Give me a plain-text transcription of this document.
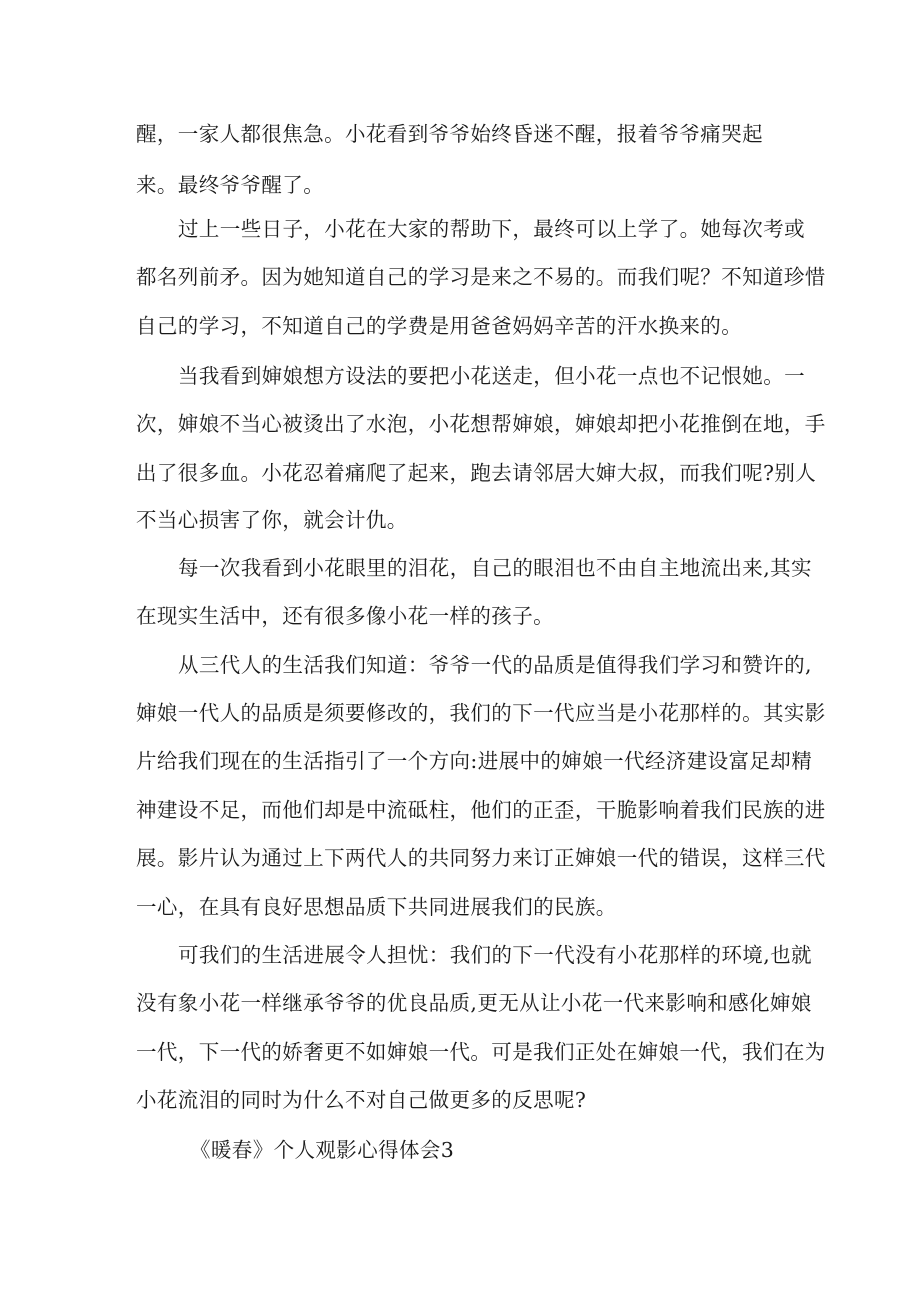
醒，一家人都很焦急。小花看到爷爷始终昏迷不醒，报着爷爷痛哭起
来。最终爷爷醒了。
过上一些日子，小花在大家的帮助下，最终可以上学了。她每次考或
都名列前矛。因为她知道自己的学习是来之不易的。而我们呢？不知道珍惜
自己的学习，不知道自己的学费是用爸爸妈妈辛苦的汗水换来的。
当我看到婶娘想方设法的要把小花送走，但小花一点也不记恨她。一
次，婶娘不当心被烫出了水泡，小花想帮婶娘，婶娘却把小花推倒在地，手
出了很多血。小花忍着痛爬了起来，跑去请邻居大婶大叔，而我们呢?别人
不当心损害了你，就会计仇。
每一次我看到小花眼里的泪花，自己的眼泪也不由自主地流出来,其实
在现实生活中，还有很多像小花一样的孩子。
从三代人的生活我们知道：爷爷一代的品质是值得我们学习和赞许的,
婶娘一代人的品质是须要修改的，我们的下一代应当是小花那样的。其实影
片给我们现在的生活指引了一个方向:进展中的婶娘一代经济建设富足却精
神建设不足，而他们却是中流砥柱，他们的正歪，干脆影响着我们民族的进
展。影片认为通过上下两代人的共同努力来订正婶娘一代的错误，这样三代
一心，在具有良好思想品质下共同进展我们的民族。
可我们的生活进展令人担忧：我们的下一代没有小花那样的环境,也就
没有象小花一样继承爷爷的优良品质,更无从让小花一代来影响和感化婶娘
一代，下一代的娇奢更不如婶娘一代。可是我们正处在婶娘一代，我们在为
小花流泪的同时为什么不对自己做更多的反思呢?
《暖春》个人观影心得体会3
